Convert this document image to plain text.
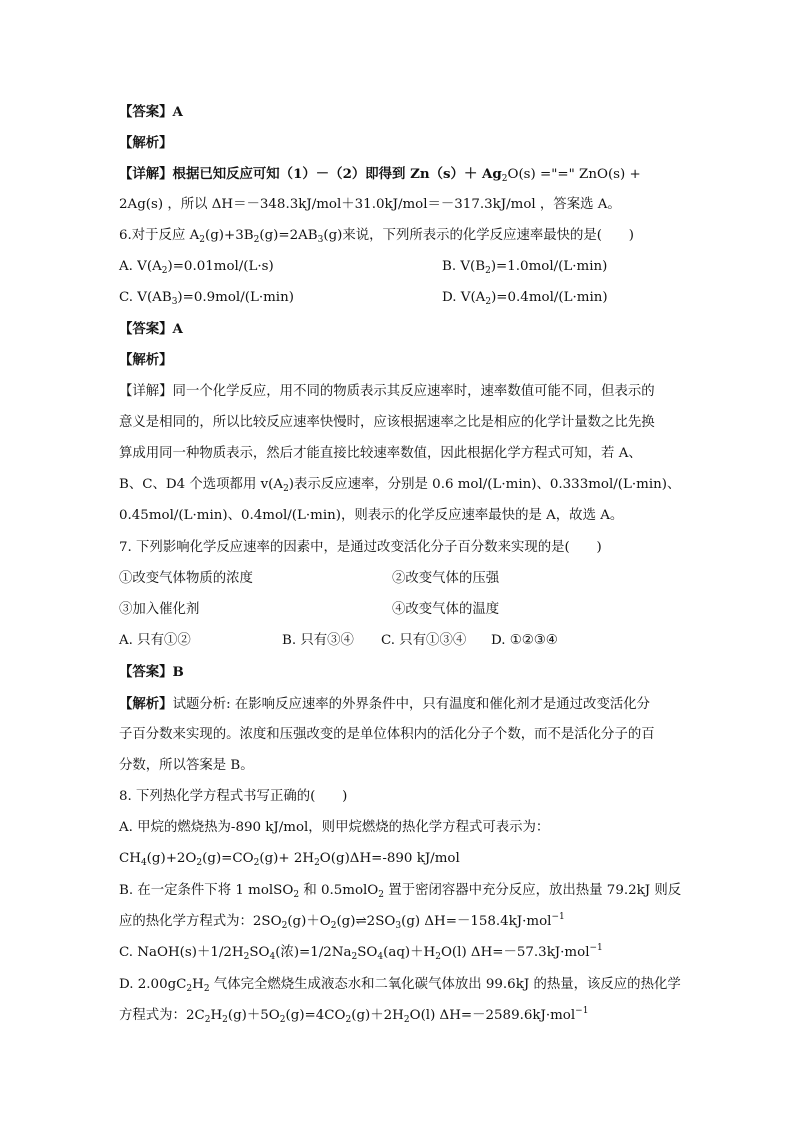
【答案】A
【解析】
【详解】根据已知反应可知（1）－（2）即得到 $Zn(s)+ Ag_2O(s)$ ="=" ZnO(s) +
2Ag(s) ，所以 ΔH＝－348.3kJ/mol＋31.0kJ/mol＝－317.3kJ/mol ，答案选 A。
6.对于反应 $A_2(g)+3B_2(g)=2AB_3(g)$来说，下列所表示的化学反应速率最快的是(　　)
A. $V(A_2)=0.01mol/(L\cdot s)$	B. $V(B_2)=1.0mol/(L\cdot\min)$
C. $V(AB_3)=0.9mol/(L\cdot\min)$	D. $V(A_2)=0.4mol/(L\cdot\min)$
【答案】A
【解析】
【详解】同一个化学反应，用不同的物质表示其反应速率时，速率数值可能不同，但表示的
意义是相同的，所以比较反应速率快慢时，应该根据速率之比是相应的化学计量数之比先换
算成用同一种物质表示，然后才能直接比较速率数值，因此根据化学方程式可知，若 A、
B、C、D4 个选项都用 $v(A_2)$表示反应速率，分别是 0.6 mol/(L·min)、0.333mol/(L·min)、
0.45mol/(L·min)、0.4mol/(L·min)，则表示的化学反应速率最快的是 A，故选 A。
7. 下列影响化学反应速率的因素中，是通过改变活化分子百分数来实现的是(　　)
①改变气体物质的浓度	②改变气体的压强
③加入催化剂	④改变气体的温度
A. 只有①②	B. 只有③④ C. 只有①③④ D. ①②③④
【答案】B
【解析】试题分析: 在影响反应速率的外界条件中，只有温度和催化剂才是通过改变活化分
子百分数来实现的。浓度和压强改变的是单位体积内的活化分子个数，而不是活化分子的百
分数，所以答案是 B。
8. 下列热化学方程式书写正确的(　　)
A. 甲烷的燃烧热为-890 kJ/mol，则甲烷燃烧的热化学方程式可表示为：
$CH_4(g)+2O_2(g)=CO_2(g)+ 2H_2O(g)\Delta H=-890$ kJ/mol
B. 在一定条件下将 1 molSO$_2$ 和 0.5molO$_2$ 置于密闭容器中充分反应，放出热量 79.2kJ 则反
应的热化学方程式为：$2SO_2(g)+O_2(g)\rightleftharpoons 2SO_3(g)$ ΔH=－158.4kJ·mol$^{-1}$
C. $NaOH(s)+1/2H_2SO_4$(浓)$=1/2Na_2SO_4(aq)+H_2O(l)$ ΔH=－57.3kJ·mol$^{-1}$
D. $2.00gC_2H_2$ 气体完全燃烧生成液态水和二氧化碳气体放出 99.6kJ 的热量，该反应的热化学
方程式为：$2C_2H_2(g)+5O_2(g)=4CO_2(g)+2H_2O(l)$ ΔH=－2589.6kJ·mol$^{-1}$
